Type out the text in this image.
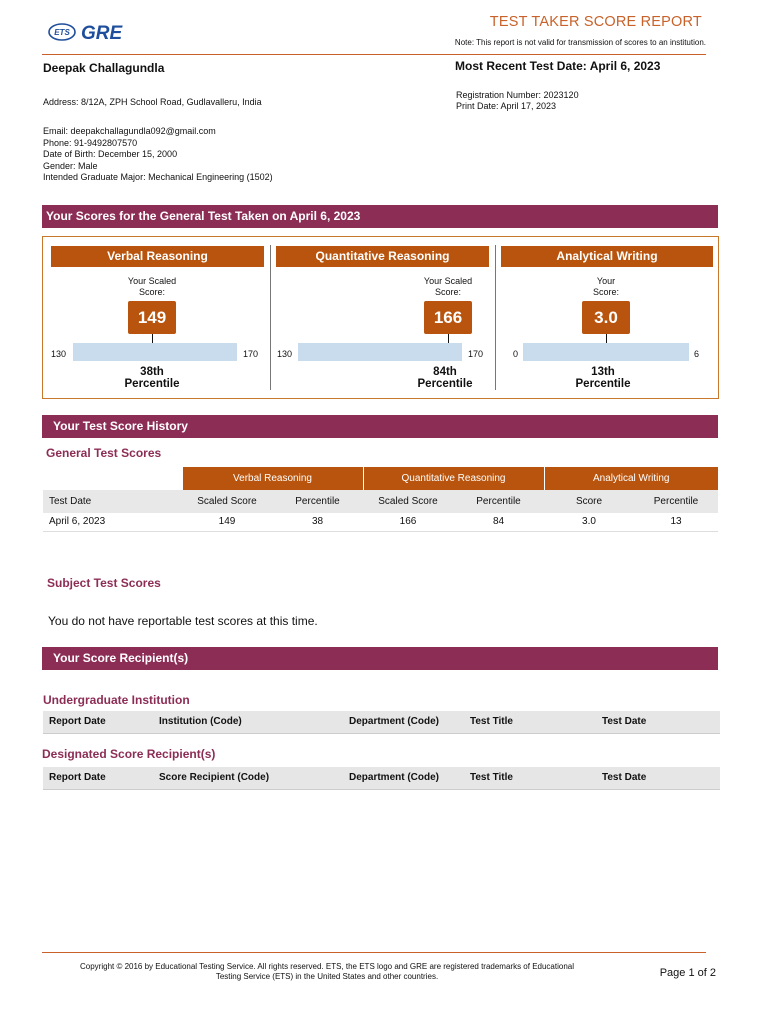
ETS GRE
TEST TAKER SCORE REPORT
Note: This report is not valid for transmission of scores to an institution.
Deepak Challagundla	Most Recent Test Date: April 6, 2023
Address: 8/12A, ZPH School Road, Gudlavalleru, India
Registration Number: 2023120
Print Date: April 17, 2023
Email: deepakchallagundla092@gmail.com
Phone: 91-9492807570
Date of Birth: December 15, 2000
Gender: Male
Intended Graduate Major: Mechanical Engineering (1502)
Your Scores for the General Test Taken on April 6, 2023
Verbal Reasoning
Your Scaled
Score:
149
130	170
38th
Percentile
Quantitative Reasoning
Your Scaled
Score:
166
130	170
84th
Percentile
Analytical Writing
Your
Score:
3.0
0	6
13th
Percentile
Your Test Score History
General Test Scores
	Verbal Reasoning		Quantitative Reasoning		Analytical Writing	
Test Date	Scaled Score	Percentile	Scaled Score	Percentile	Score	Percentile
April 6, 2023	149	38	166	84	3.0	13
Subject Test Scores
You do not have reportable test scores at this time.
Your Score Recipient(s)
Undergraduate Institution
Report Date	Institution (Code)	Department (Code)	Test Title	Test Date
Designated Score Recipient(s)
Report Date	Score Recipient (Code)	Department (Code)	Test Title	Test Date
Copyright © 2016 by Educational Testing Service. All rights reserved. ETS, the ETS logo and GRE are registered trademarks of Educational
Testing Service (ETS) in the United States and other countries.	Page 1 of 2
